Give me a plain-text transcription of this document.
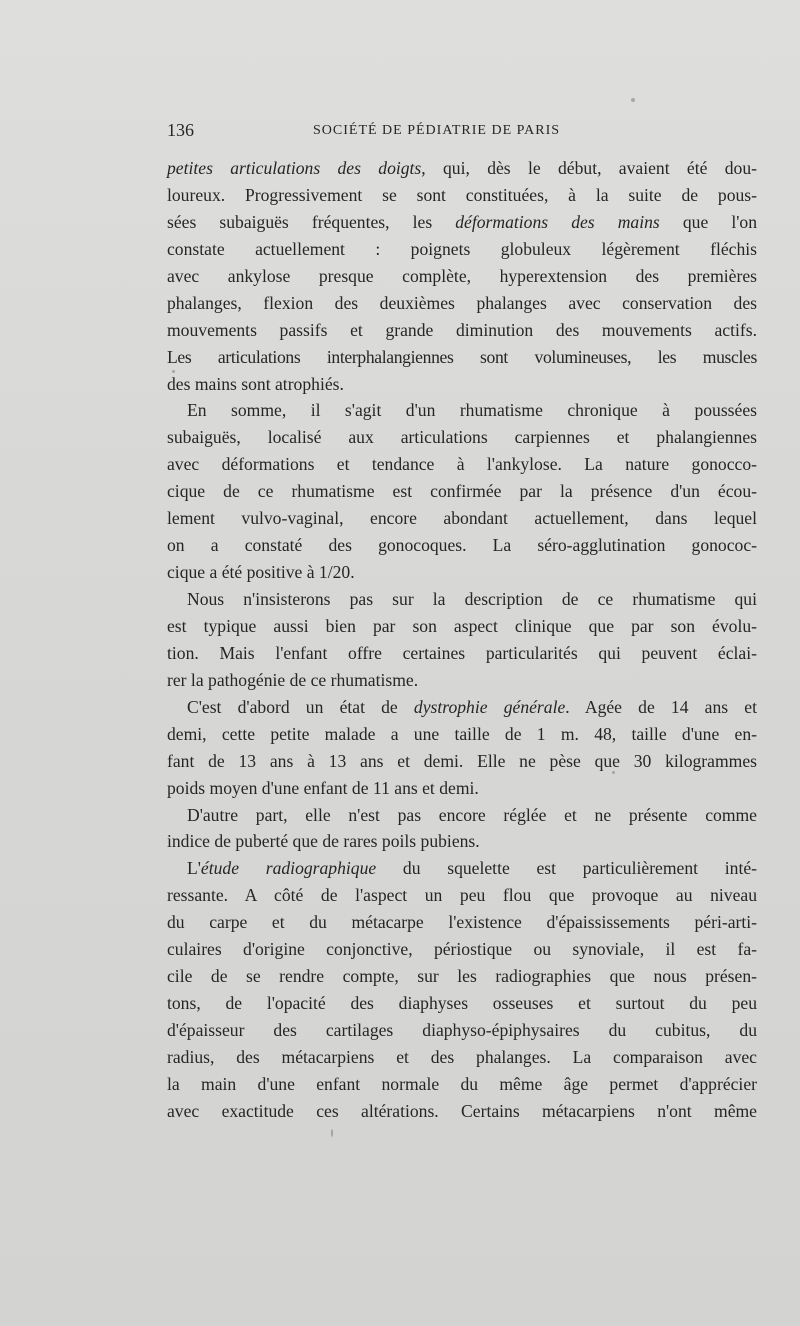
136	SOCIÉTÉ DE PÉDIATRIE DE PARIS
petites articulations des doigts, qui, dès le début, avaient été dou-
loureux. Progressivement se sont constituées, à la suite de pous-
sées subaiguës fréquentes, les déformations des mains que l'on
constate actuellement : poignets globuleux légèrement fléchis
avec ankylose presque complète, hyperextension des premières
phalanges, flexion des deuxièmes phalanges avec conservation des
mouvements passifs et grande diminution des mouvements actifs.
Les articulations interphalangiennes sont volumineuses, les muscles
des mains sont atrophiés.
En somme, il s'agit d'un rhumatisme chronique à poussées
subaiguës, localisé aux articulations carpiennes et phalangiennes
avec déformations et tendance à l'ankylose. La nature gonocco-
cique de ce rhumatisme est confirmée par la présence d'un écou-
lement vulvo-vaginal, encore abondant actuellement, dans lequel
on a constaté des gonocoques. La séro-agglutination gonococ-
cique a été positive à 1/20.
Nous n'insisterons pas sur la description de ce rhumatisme qui
est typique aussi bien par son aspect clinique que par son évolu-
tion. Mais l'enfant offre certaines particularités qui peuvent éclai-
rer la pathogénie de ce rhumatisme.
C'est d'abord un état de dystrophie générale. Agée de 14 ans et
demi, cette petite malade a une taille de 1 m. 48, taille d'une en-
fant de 13 ans à 13 ans et demi. Elle ne pèse que 30 kilogrammes
poids moyen d'une enfant de 11 ans et demi.
D'autre part, elle n'est pas encore réglée et ne présente comme
indice de puberté que de rares poils pubiens.
L'étude radiographique du squelette est particulièrement inté-
ressante. A côté de l'aspect un peu flou que provoque au niveau
du carpe et du métacarpe l'existence d'épaississements péri-arti-
culaires d'origine conjonctive, périostique ou synoviale, il est fa-
cile de se rendre compte, sur les radiographies que nous présen-
tons, de l'opacité des diaphyses osseuses et surtout du peu
d'épaisseur des cartilages diaphyso-épiphysaires du cubitus, du
radius, des métacarpiens et des phalanges. La comparaison avec
la main d'une enfant normale du même âge permet d'apprécier
avec exactitude ces altérations. Certains métacarpiens n'ont même
